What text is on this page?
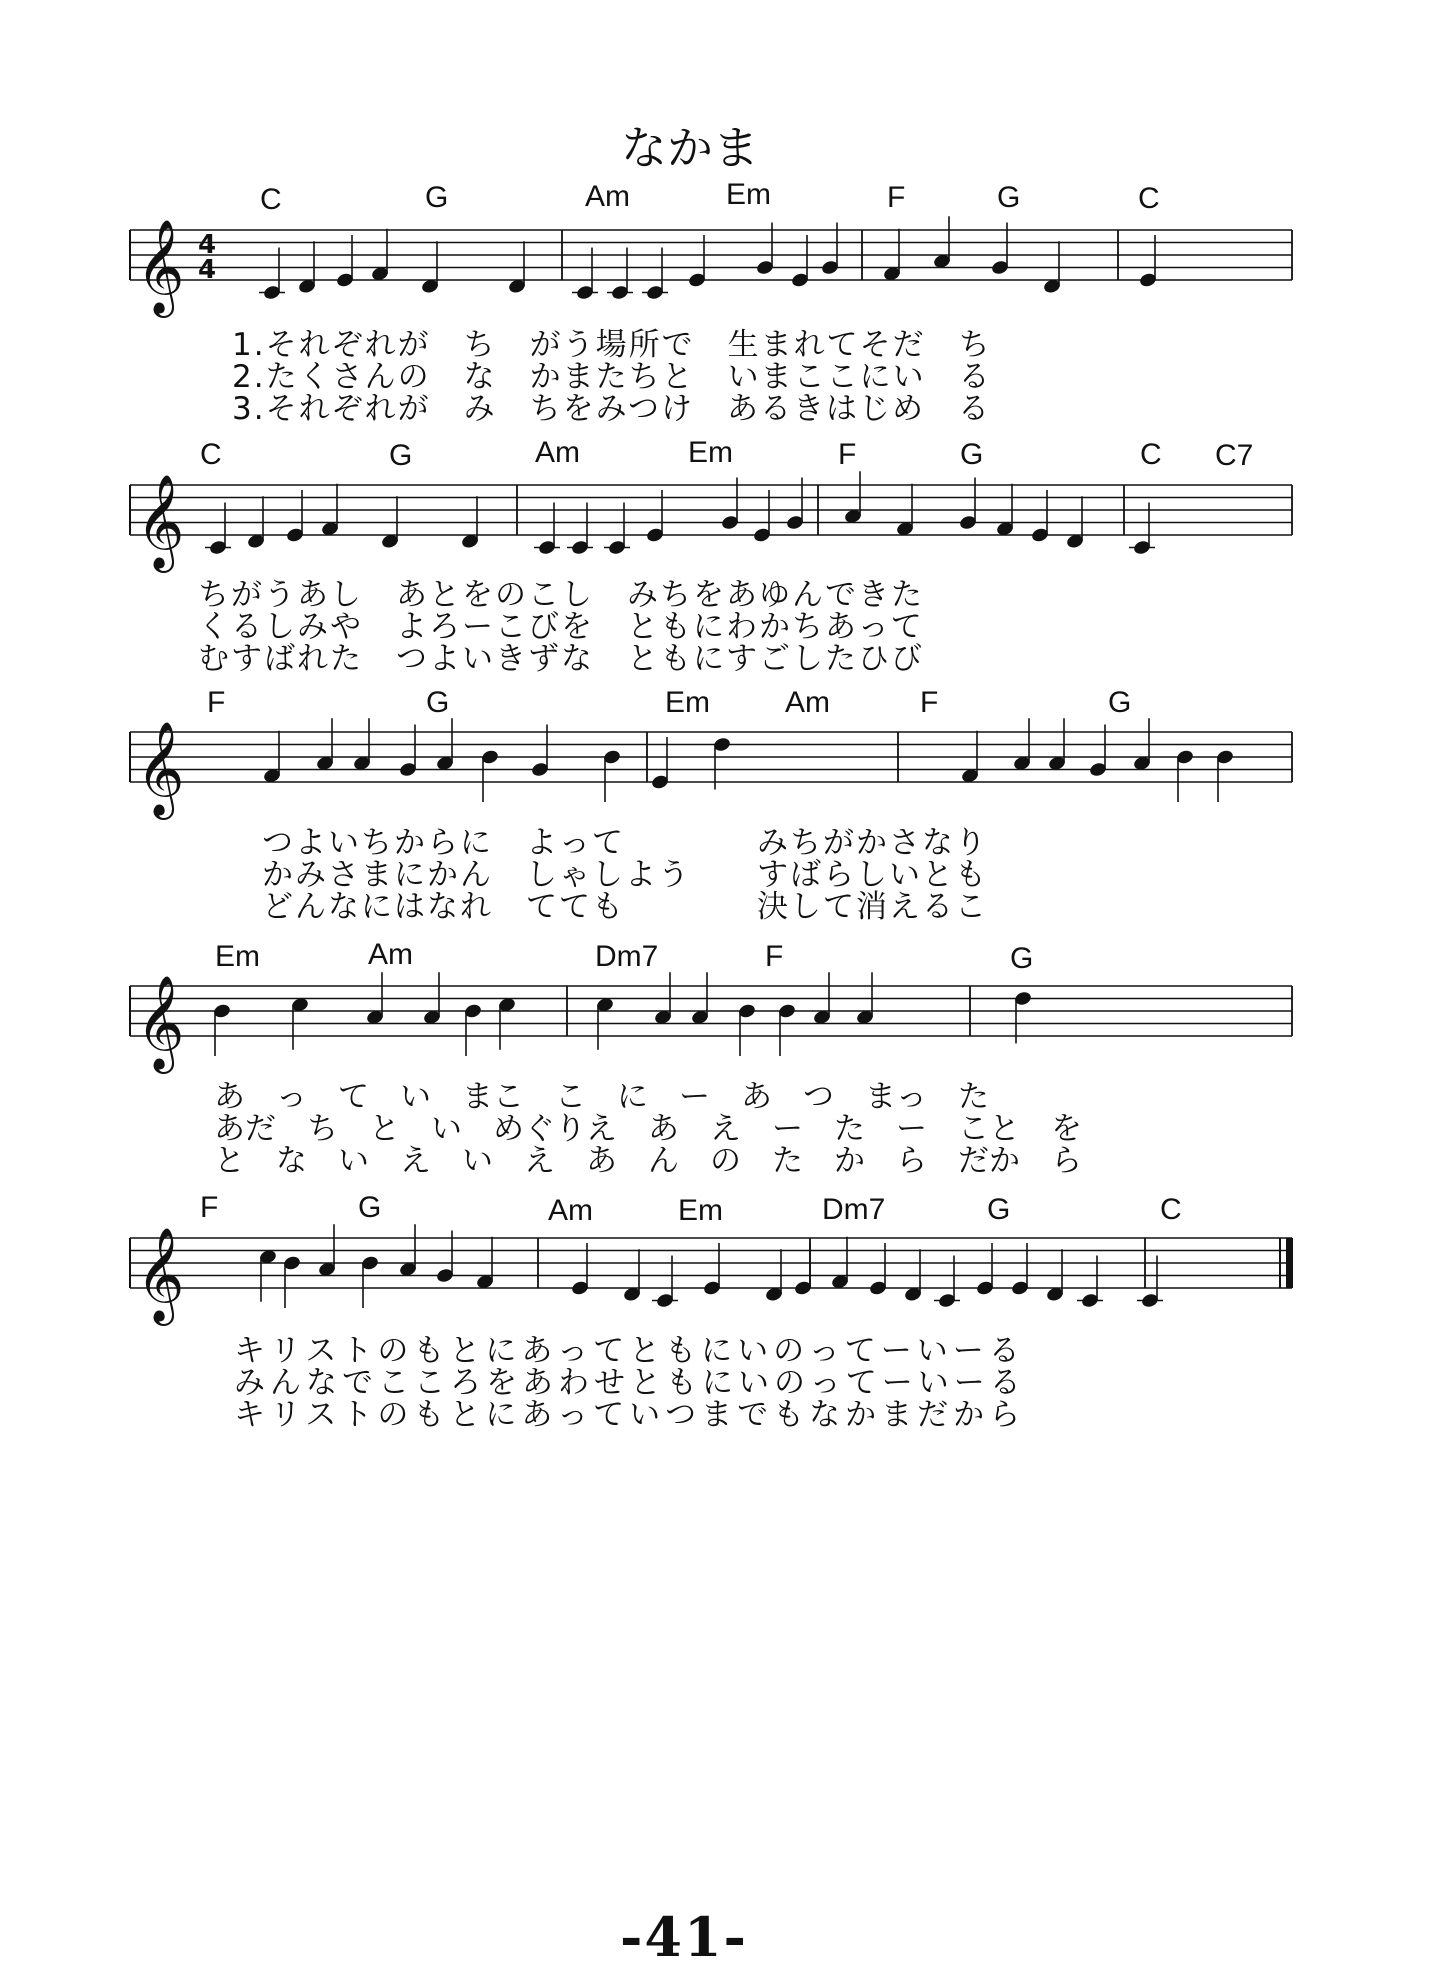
なかま
C	G	Am	Em	F	G	C
1.それぞれが　ち　がう場所で　生まれてそだ　ち
2.たくさんの　な　かまたちと　いまここにい　る
3.それぞれが　み　ちをみつけ　あるきはじめ　る
C	G	Am	Em	F	G	C C7
ちがうあし　あとをのこし　みちをあゆんできた
くるしみや　よろーこびを　ともにわかちあって
むすばれた　つよいきずな　ともにすごしたひび
F	G	Em	Am	F	G
つよいちからに　よって　　　　みちがかさなり
かみさまにかん　しゃしよう　　すばらしいとも
どんなにはなれ　てても　　　　決して消えるこ
Em	Am	Dm7	F	G
あ　っ　て　い　まこ　こ　に　ー　あ　つ　まっ　た
あだ　ち　と　い　めぐりえ　あ　え　ー　た　ー　こと　を
と　な　い　え　い　え　あ　ん　の　た　か　ら　だか　ら
F	G	Am	Em	Dm7	G	C
キリストのもとにあってともにいのってーいーる
みんなでこころをあわせともにいのってーいーる
キリストのもとにあっていつまでもなかまだから
𝄞 4
4
𝄞
𝄞
𝄞
𝄞
-41-
